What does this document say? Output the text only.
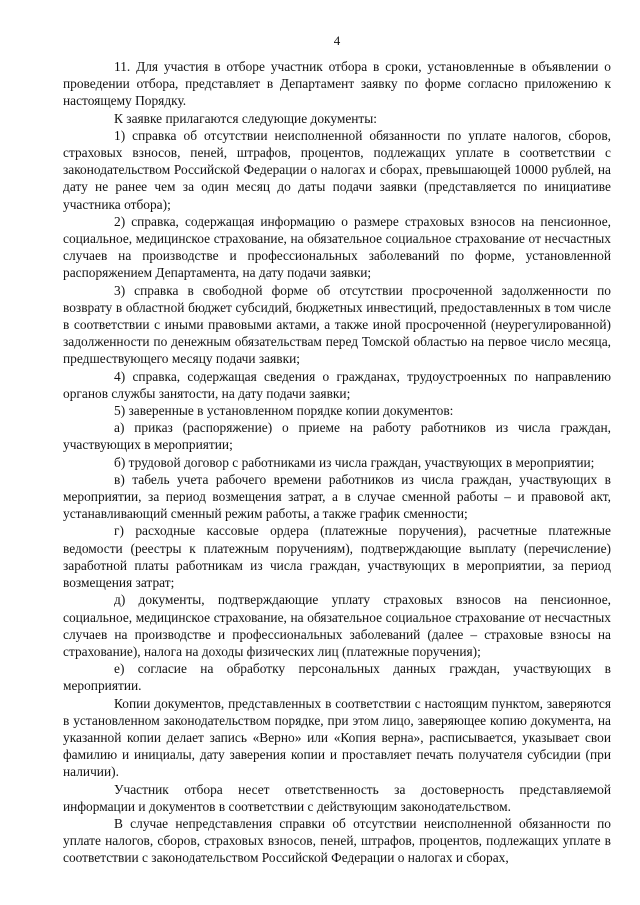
4

11. Для участия в отборе участник отбора в сроки, установленные в объявлении о проведении отбора, представляет в Департамент заявку по форме согласно приложению к настоящему Порядку.

К заявке прилагаются следующие документы:

1) справка об отсутствии неисполненной обязанности по уплате налогов, сборов, страховых взносов, пеней, штрафов, процентов, подлежащих уплате в соответствии с законодательством Российской Федерации о налогах и сборах, превышающей 10000 рублей, на дату не ранее чем за один месяц до даты подачи заявки (представляется по инициативе участника отбора);

2) справка, содержащая информацию о размере страховых взносов на пенсионное, социальное, медицинское страхование, на обязательное социальное страхование от несчастных случаев на производстве и профессиональных заболеваний по форме, установленной распоряжением Департамента, на дату подачи заявки;

3) справка в свободной форме об отсутствии просроченной задолженности по возврату в областной бюджет субсидий, бюджетных инвестиций, предоставленных в том числе в соответствии с иными правовыми актами, а также иной просроченной (неурегулированной) задолженности по денежным обязательствам перед Томской областью на первое число месяца, предшествующего месяцу подачи заявки;

4) справка, содержащая сведения о гражданах, трудоустроенных по направлению органов службы занятости, на дату подачи заявки;

5) заверенные в установленном порядке копии документов:

а) приказ (распоряжение) о приеме на работу работников из числа граждан, участвующих в мероприятии;

б) трудовой договор с работниками из числа граждан, участвующих в мероприятии;

в) табель учета рабочего времени работников из числа граждан, участвующих в мероприятии, за период возмещения затрат, а в случае сменной работы – и правовой акт, устанавливающий сменный режим работы, а также график сменности;

г) расходные кассовые ордера (платежные поручения), расчетные платежные ведомости (реестры к платежным поручениям), подтверждающие выплату (перечисление) заработной платы работникам из числа граждан, участвующих в мероприятии, за период возмещения затрат;

д) документы, подтверждающие уплату страховых взносов на пенсионное, социальное, медицинское страхование, на обязательное социальное страхование от несчастных случаев на производстве и профессиональных заболеваний (далее – страховые взносы на страхование), налога на доходы физических лиц (платежные поручения);

е) согласие на обработку персональных данных граждан, участвующих в мероприятии.

Копии документов, представленных в соответствии с настоящим пунктом, заверяются в установленном законодательством порядке, при этом лицо, заверяющее копию документа, на указанной копии делает запись «Верно» или «Копия верна», расписывается, указывает свои фамилию и инициалы, дату заверения копии и проставляет печать получателя субсидии (при наличии).

Участник отбора несет ответственность за достоверность представляемой информации и документов в соответствии с действующим законодательством.

В случае непредставления справки об отсутствии неисполненной обязанности по уплате налогов, сборов, страховых взносов, пеней, штрафов, процентов, подлежащих уплате в соответствии с законодательством Российской Федерации о налогах и сборах,
